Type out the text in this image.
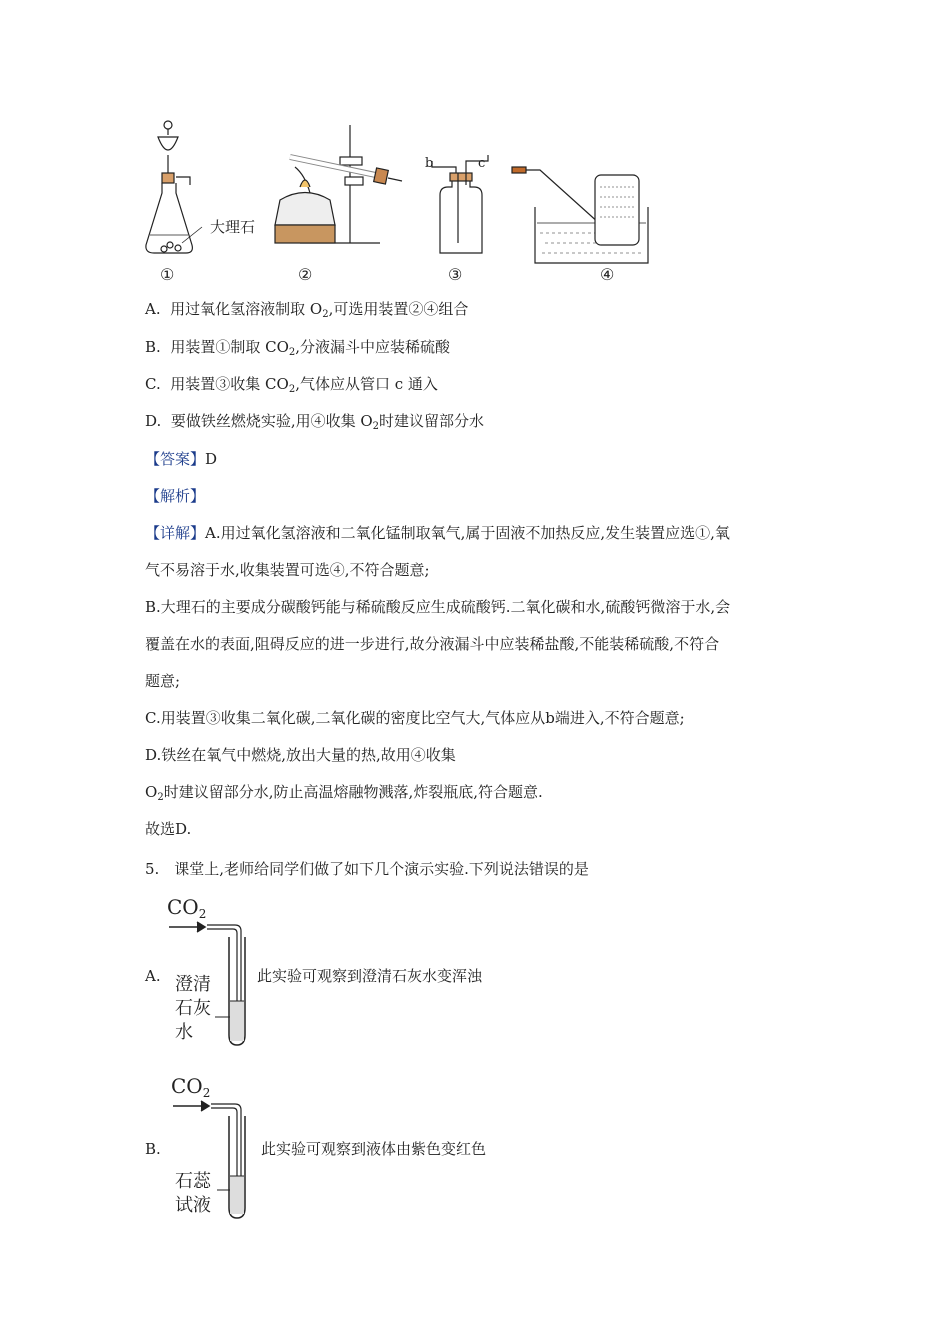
b	c
大理石
①	②	③	④
A. 用过氧化氢溶液制取 $O_2$,可选用装置②④组合
B. 用装置①制取 $CO_2$,分液漏斗中应装稀硫酸
C. 用装置③收集 $CO_2$,气体应从管口 c 通入
D. 要做铁丝燃烧实验,用④收集 $O_2$时建议留部分水
【答案】D
【解析】
【详解】A.用过氧化氢溶液和二氧化锰制取氧气,属于固液不加热反应,发生装置应选①,氧
气不易溶于水,收集装置可选④,不符合题意;
B.大理石的主要成分碳酸钙能与稀硫酸反应生成硫酸钙.二氧化碳和水,硫酸钙微溶于水,会
覆盖在水的表面,阻碍反应的进一步进行,故分液漏斗中应装稀盐酸,不能装稀硫酸,不符合
题意;
C.用装置③收集二氧化碳,二氧化碳的密度比空气大,气体应从b端进入,不符合题意;
D.铁丝在氧气中燃烧,放出大量的热,故用④收集
$O_2$时建议留部分水,防止高温熔融物溅落,炸裂瓶底,符合题意.
故选D.
5.　课堂上,老师给同学们做了如下几个演示实验.下列说法错误的是
A.
$CO_2$
澄清
石灰
水
此实验可观察到澄清石灰水变浑浊
B.
$CO_2$
石蕊
试液
此实验可观察到液体由紫色变红色
